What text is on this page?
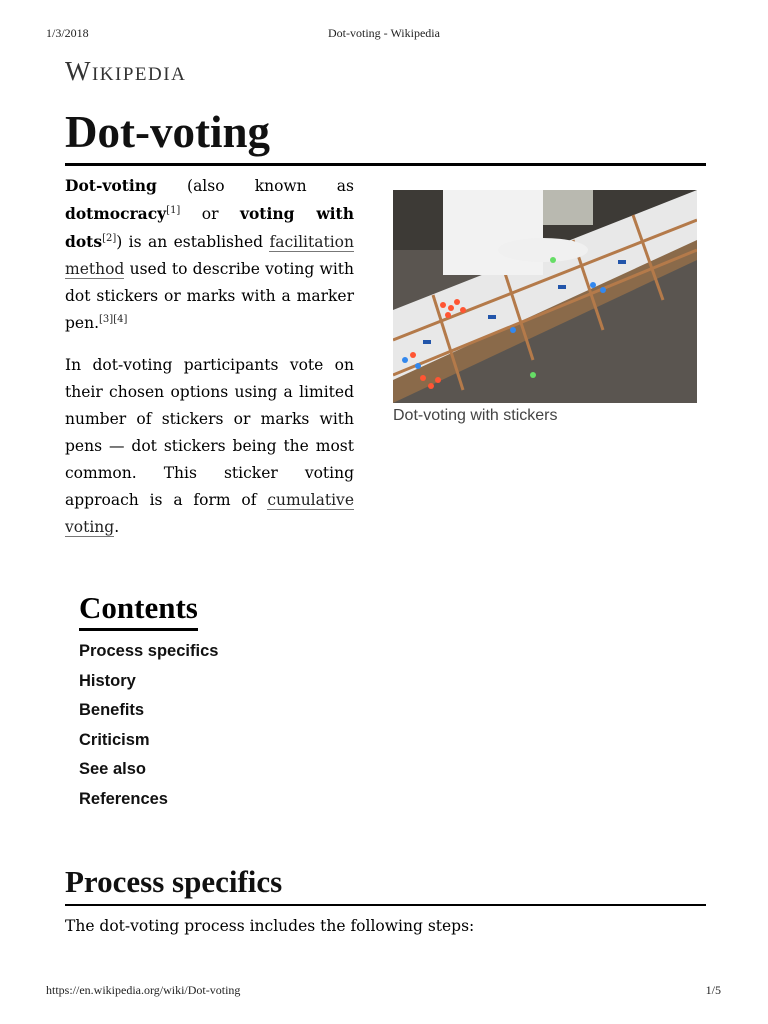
1/3/2018	Dot-voting - Wikipedia
Wikipedia
Dot-voting

Dot-voting (also known as dotmocracy[1] or voting with dots[2]) is an established facilitation method used to describe voting with dot stickers or marks with a marker pen.[3][4]

In dot-voting participants vote on their chosen options using a limited number of stickers or marks with pens — dot stickers being the most common. This sticker voting approach is a form of cumulative voting.

Dot-voting with stickers
Contents
Process specifics
History
Benefits
Criticism
See also
References
Process specifics

The dot-voting process includes the following steps:

https://en.wikipedia.org/wiki/Dot-voting	1/5
